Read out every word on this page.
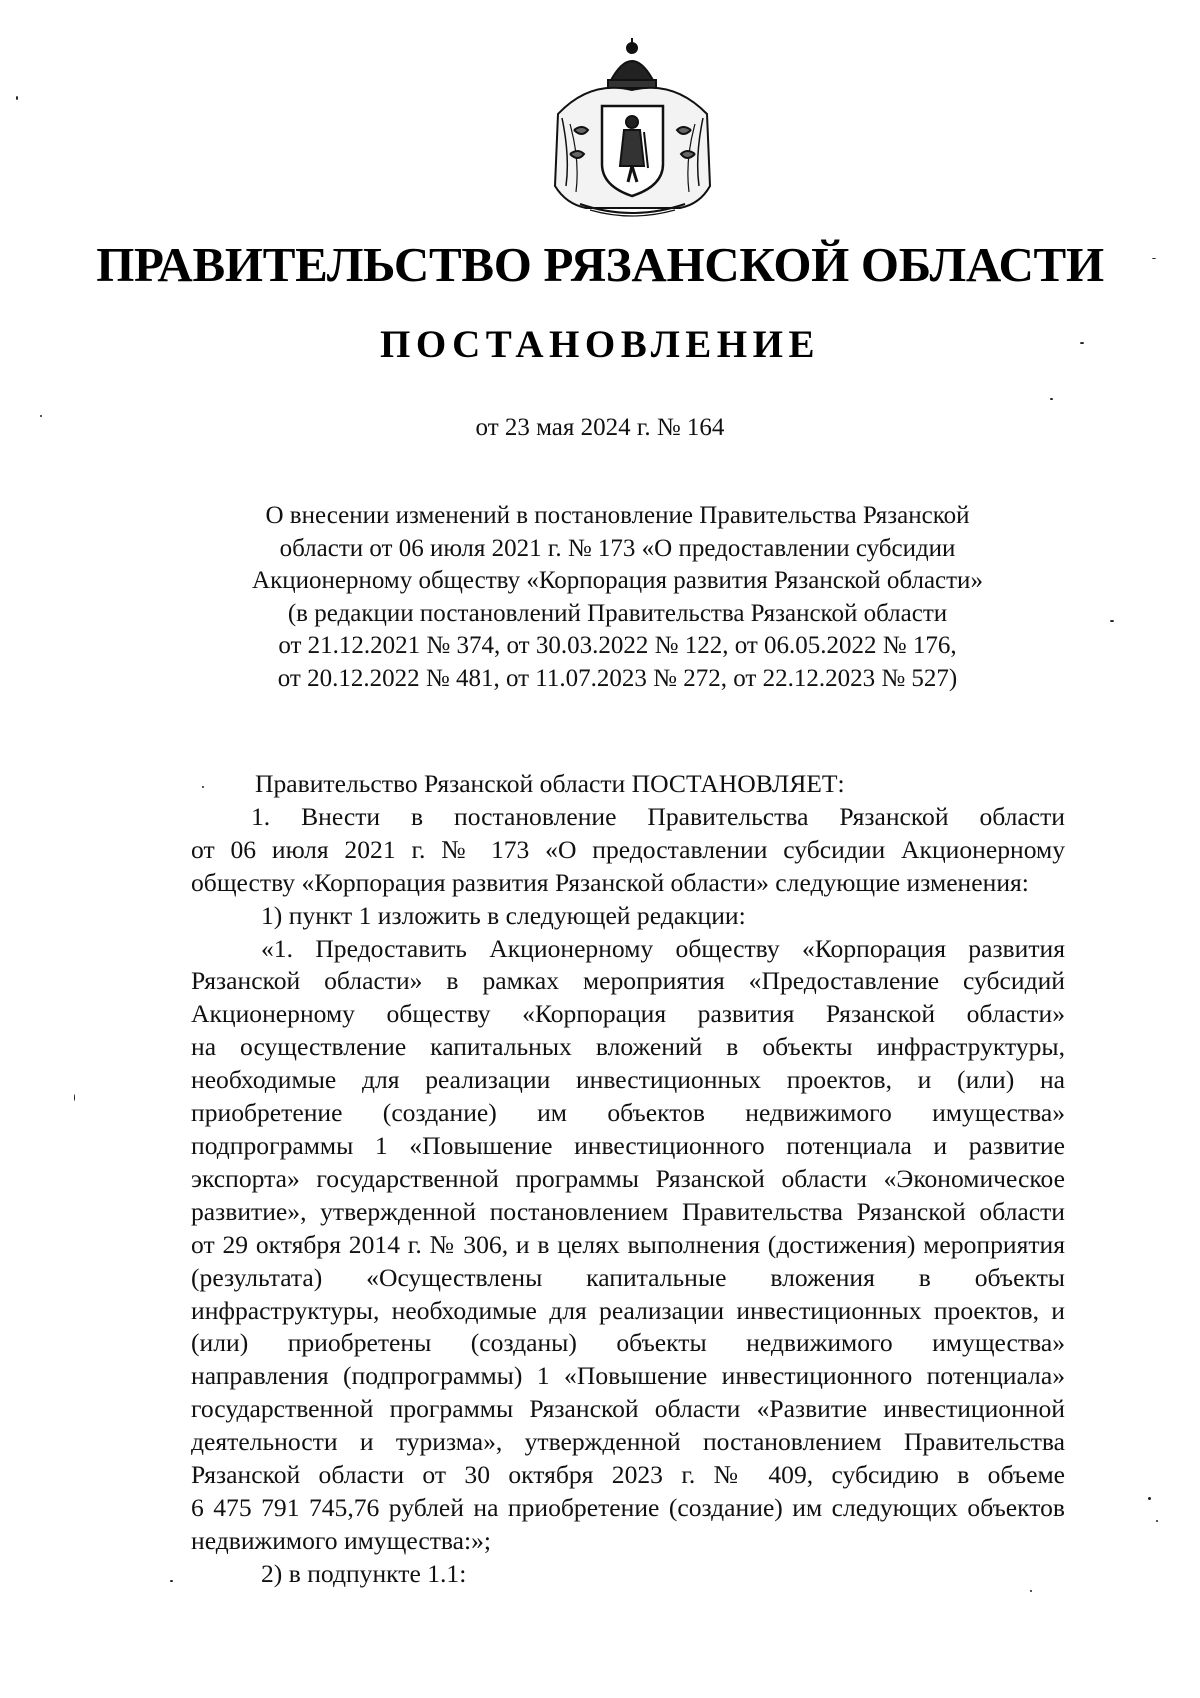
ПРАВИТЕЛЬСТВО РЯЗАНСКОЙ ОБЛАСТИ
ПОСТАНОВЛЕНИЕ
от 23 мая 2024 г. № 164
О внесении изменений в постановление Правительства Рязанской
области от 06 июля 2021 г. № 173 «О предоставлении субсидии
Акционерному обществу «Корпорация развития Рязанской области»
(в редакции постановлений Правительства Рязанской области
от 21.12.2021 № 374, от 30.03.2022 № 122, от 06.05.2022 № 176,
от 20.12.2022 № 481, от 11.07.2023 № 272, от 22.12.2023 № 527)
Правительство Рязанской области ПОСТАНОВЛЯЕТ:
1. Внести в постановление Правительства Рязанской области
от 06 июля 2021 г. № 173 «О предоставлении субсидии Акционерному
обществу «Корпорация развития Рязанской области» следующие изменения:
1) пункт 1 изложить в следующей редакции:
«1. Предоставить Акционерному обществу «Корпорация развития
Рязанской области» в рамках мероприятия «Предоставление субсидий
Акционерному обществу «Корпорация развития Рязанской области»
на осуществление капитальных вложений в объекты инфраструктуры,
необходимые для реализации инвестиционных проектов, и (или) на
приобретение (создание) им объектов недвижимого имущества»
подпрограммы 1 «Повышение инвестиционного потенциала и развитие
экспорта» государственной программы Рязанской области «Экономическое
развитие», утвержденной постановлением Правительства Рязанской области
от 29 октября 2014 г. № 306, и в целях выполнения (достижения) мероприятия
(результата) «Осуществлены капитальные вложения в объекты
инфраструктуры, необходимые для реализации инвестиционных проектов, и
(или) приобретены (созданы) объекты недвижимого имущества»
направления (подпрограммы) 1 «Повышение инвестиционного потенциала»
государственной программы Рязанской области «Развитие инвестиционной
деятельности и туризма», утвержденной постановлением Правительства
Рязанской области от 30 октября 2023 г. № 409, субсидию в объеме
6 475 791 745,76 рублей на приобретение (создание) им следующих объектов
недвижимого имущества:»;
2) в подпункте 1.1:
